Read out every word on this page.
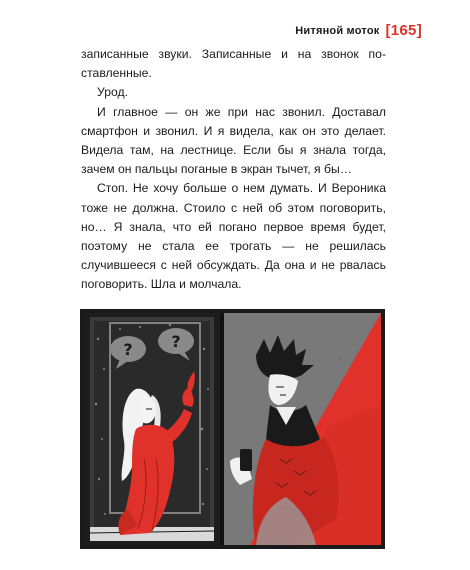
Нитяной моток [165]

записанные звуки. Записанные и на звонок поставленные.

Урод.

И главное — он же при нас звонил. Доставал смартфон и звонил. И я видела, как он это делает. Видела там, на лестнице. Если бы я знала тогда, зачем он пальцы поганые в экран тычет, я бы…

Стоп. Не хочу больше о нем думать. И Вероника тоже не должна. Стоило с ней об этом поговорить, но… Я знала, что ей погано первое время будет, поэтому не стала ее трогать — не решилась случившееся с ней обсуждать. Да она и не рвалась поговорить. Шла и молчала.

? ?
